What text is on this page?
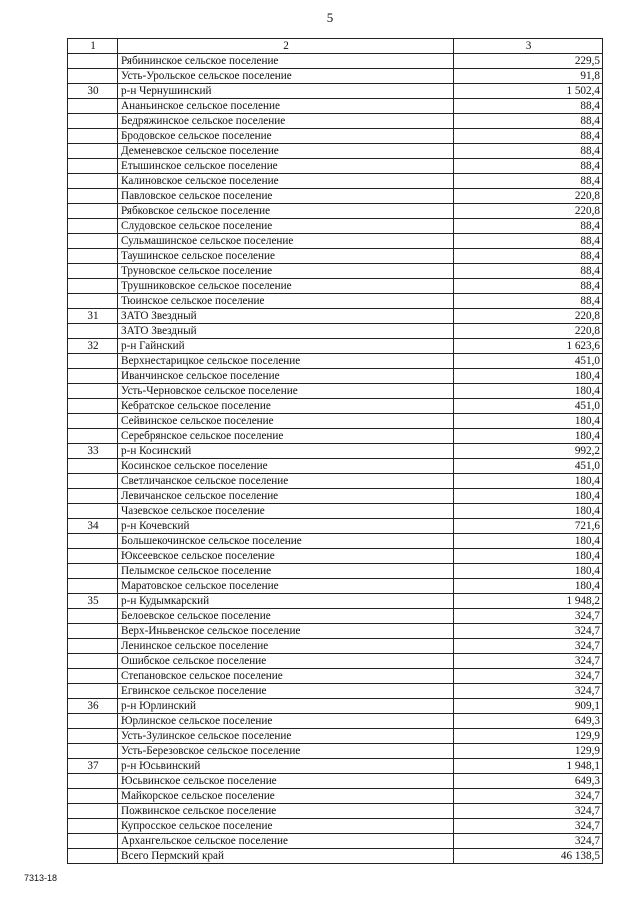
5
1	2	3
	Рябининское сельское поселение	229,5
	Усть-Урольское сельское поселение	91,8
30	р-н Чернушинский	1 502,4
	Ананьинское сельское поселение	88,4
	Бедряжинское сельское поселение	88,4
	Бродовское сельское поселение	88,4
	Деменевское сельское поселение	88,4
	Етышинское сельское поселение	88,4
	Калиновское сельское поселение	88,4
	Павловское сельское поселение	220,8
	Рябковское сельское поселение	220,8
	Слудовское сельское поселение	88,4
	Сульмашинское сельское поселение	88,4
	Таушинское сельское поселение	88,4
	Труновское сельское поселение	88,4
	Трушниковское сельское поселение	88,4
	Тюинское сельское поселение	88,4
31	ЗАТО Звездный	220,8
	ЗАТО Звездный	220,8
32	р-н Гайнский	1 623,6
	Верхнестарицкое сельское поселение	451,0
	Иванчинское сельское поселение	180,4
	Усть-Черновское сельское поселение	180,4
	Кебратское сельское поселение	451,0
	Сейвинское сельское поселение	180,4
	Серебрянское сельское поселение	180,4
33	р-н Косинский	992,2
	Косинское сельское поселение	451,0
	Светличанское сельское поселение	180,4
	Левичанское сельское поселение	180,4
	Чазевское сельское поселение	180,4
34	р-н Кочевский	721,6
	Большекочинское сельское поселение	180,4
	Юксеевское сельское поселение	180,4
	Пелымское сельское поселение	180,4
	Маратовское сельское поселение	180,4
35	р-н Кудымкарский	1 948,2
	Белоевское сельское поселение	324,7
	Верх-Иньвенское сельское поселение	324,7
	Ленинское сельское поселение	324,7
	Ошибское сельское поселение	324,7
	Степановское сельское поселение	324,7
	Егвинское сельское поселение	324,7
36	р-н Юрлинский	909,1
	Юрлинское сельское поселение	649,3
	Усть-Зулинское сельское поселение	129,9
	Усть-Березовское сельское поселение	129,9
37	р-н Юсьвинский	1 948,1
	Юсьвинское сельское поселение	649,3
	Майкорское сельское поселение	324,7
	Пожвинское сельское поселение	324,7
	Купросское сельское поселение	324,7
	Архангельское сельское поселение	324,7
	Всего Пермский край	46 138,5
7313-18
